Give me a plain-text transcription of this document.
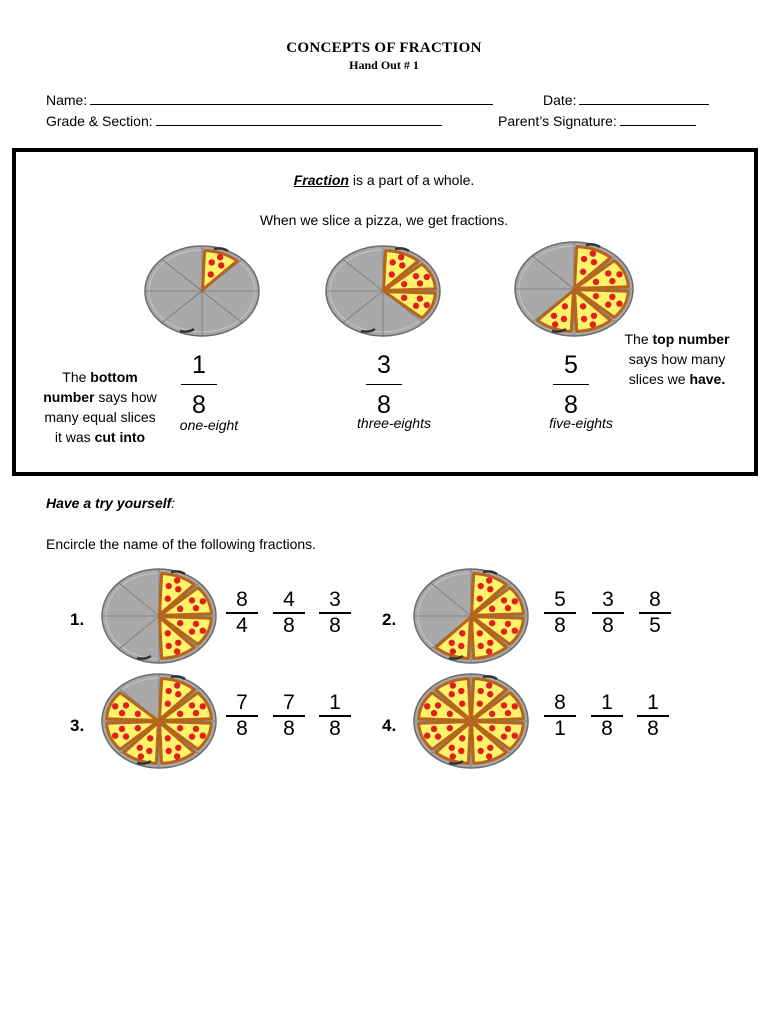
CONCEPTS OF FRACTION
Hand Out # 1
Name:	Date:
Grade & Section:	Parent’s Signature:
Fraction is a part of a whole.
When we slice a pizza, we get fractions.
1
8
one-eight
3
8
three-eights
5
8
five-eights
The bottom
number says how
many equal slices
it was cut into
The top number
says how many
slices we have.
Have a try yourself:
Encircle the name of the following fractions.
1.
8
4
4
8
3
8	2.
5
8
3
8
8
5
3.
7
8
7
8
1
8	4.
8
1
1
8
1
8
